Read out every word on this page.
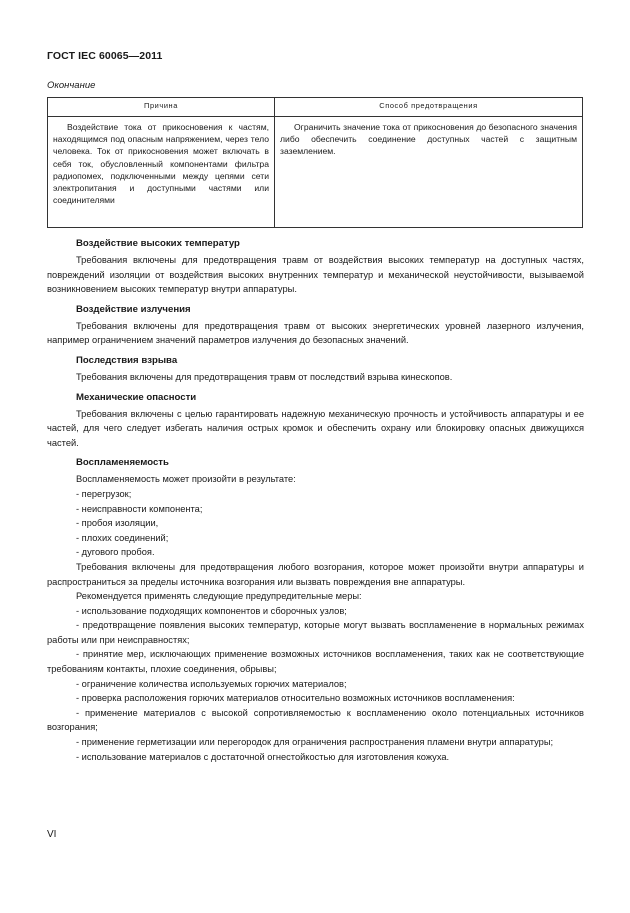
ГОСТ IEC 60065—2011
Окончание
Причина	Способ предотвращения
Воздействие тока от прикосновения к частям, находящимся под опасным напряжением, через тело человека. Ток от прикосновения может включать в себя ток, обусловленный компонентами фильтра радиопомех, подключенными между цепями сети электропитания и доступными частями или соединителями	Ограничить значение тока от прикосновения до безопасного значения либо обеспечить соединение доступных частей с защитным заземлением.
Воздействие высоких температур

Требования включены для предотвращения травм от воздействия высоких температур на доступных частях, повреждений изоляции от воздействия высоких внутренних температур и механической неустойчивости, вызываемой возникновением высоких температур внутри аппаратуры.

Воздействие излучения

Требования включены для предотвращения травм от высоких энергетических уровней лазерного излучения, например ограничением значений параметров излучения до безопасных значений.

Последствия взрыва

Требования включены для предотвращения травм от последствий взрыва кинескопов.

Механические опасности

Требования включены с целью гарантировать надежную механическую прочность и устойчивость аппаратуры и ее частей, для чего следует избегать наличия острых кромок и обеспечить охрану или блокировку опасных движущихся частей.

Воспламеняемость

Воспламеняемость может произойти в результате:

- перегрузок;

- неисправности компонента;

- пробоя изоляции,

- плохих соединений;

- дугового пробоя.

Требования включены для предотвращения любого возгорания, которое может произойти внутри аппаратуры и распространиться за пределы источника возгорания или вызвать повреждения вне аппаратуры.

Рекомендуется применять следующие предупредительные меры:

- использование подходящих компонентов и сборочных узлов;

- предотвращение появления высоких температур, которые могут вызвать воспламенение в нормальных режимах работы или при неисправностях;

- принятие мер, исключающих применение возможных источников воспламенения, таких как не соответствующие требованиям контакты, плохие соединения, обрывы;

- ограничение количества используемых горючих материалов;

- проверка расположения горючих материалов относительно возможных источников воспламенения:

- применение материалов с высокой сопротивляемостью к воспламенению около потенциальных источников возгорания;

- применение герметизации или перегородок для ограничения распространения пламени внутри аппаратуры;

- использование материалов с достаточной огнестойкостью для изготовления кожуха.

VI
